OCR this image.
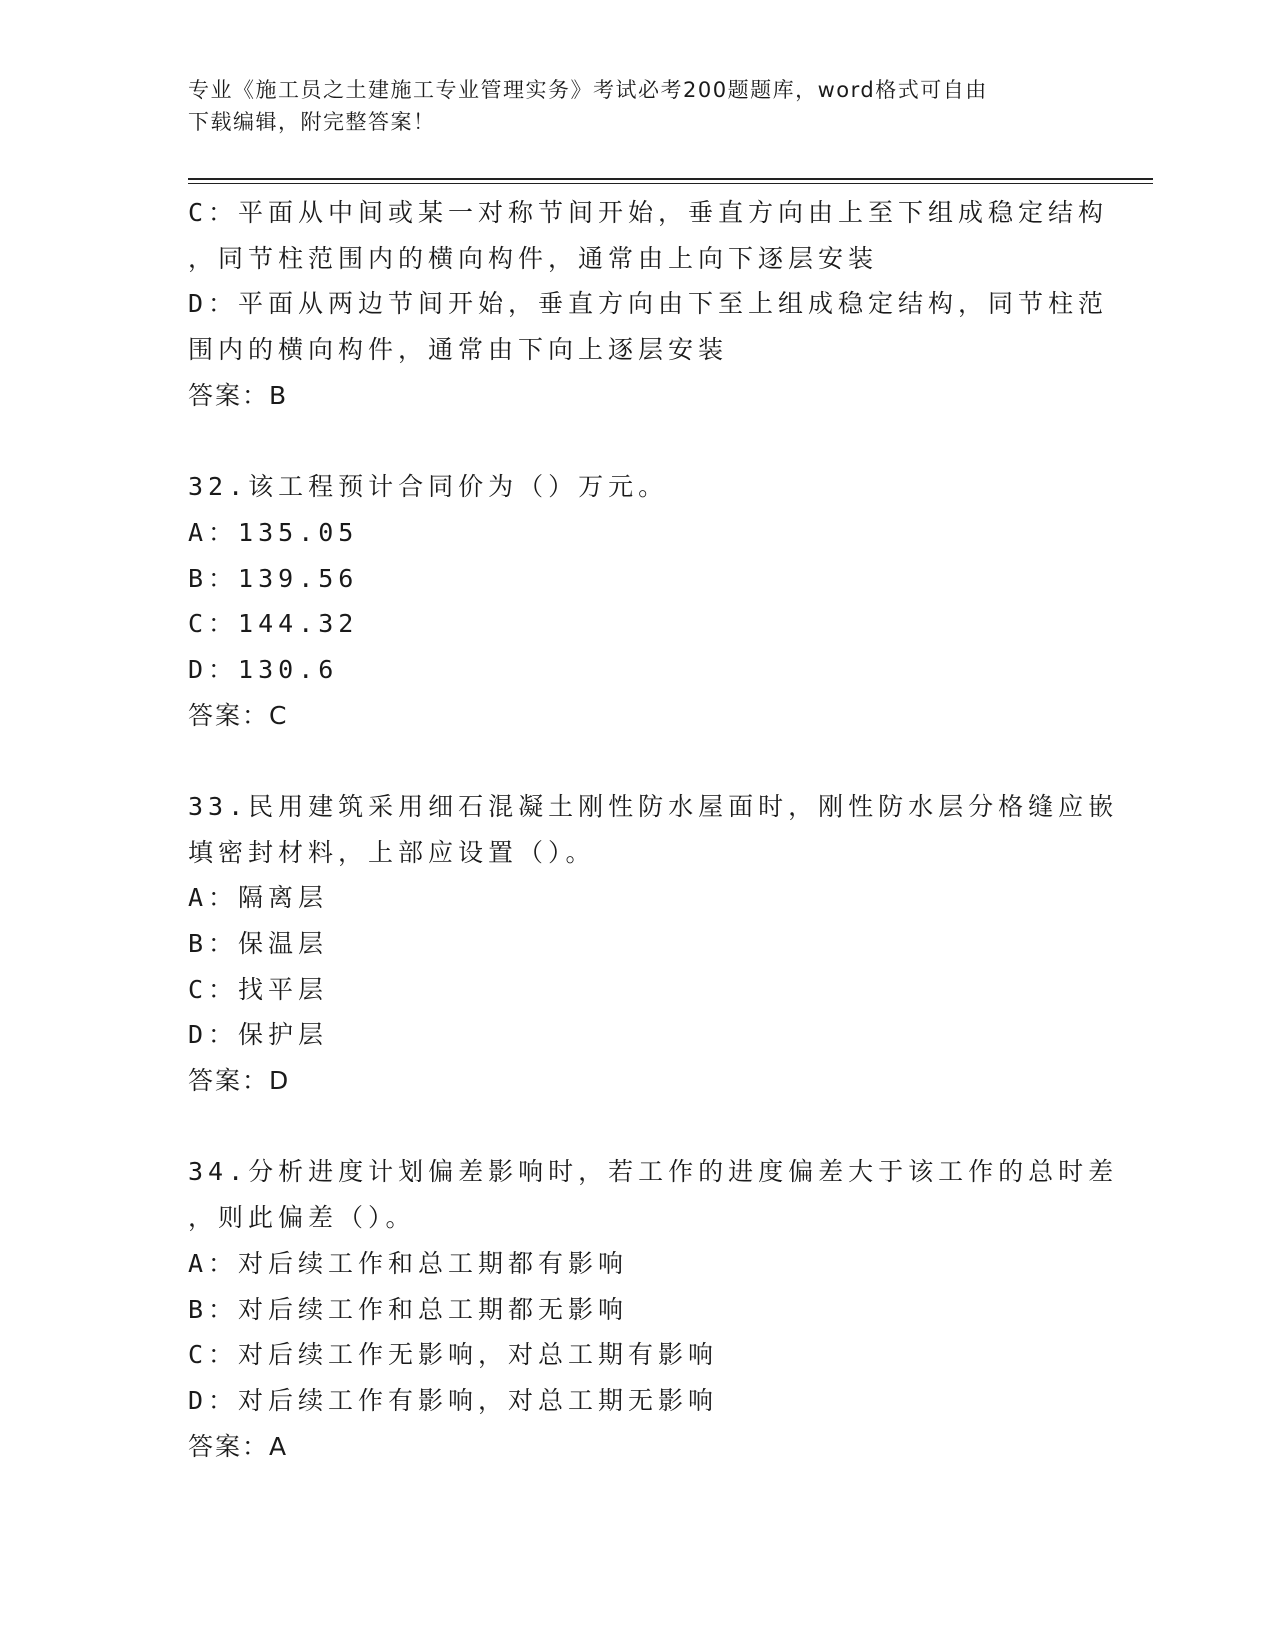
专业《施工员之土建施工专业管理实务》考试必考200题题库，word格式可自由
下载编辑，附完整答案！
C：平面从中间或某一对称节间开始，垂直方向由上至下组成稳定结构
，同节柱范围内的横向构件，通常由上向下逐层安装
D：平面从两边节间开始，垂直方向由下至上组成稳定结构，同节柱范
围内的横向构件，通常由下向上逐层安装
答案：B
32.该工程预计合同价为（）万元。
A：135.05
B：139.56
C：144.32
D：130.6
答案：C
33.民用建筑采用细石混凝土刚性防水屋面时，刚性防水层分格缝应嵌
填密封材料，上部应设置（）。
A：隔离层
B：保温层
C：找平层
D：保护层
答案：D
34.分析进度计划偏差影响时，若工作的进度偏差大于该工作的总时差
，则此偏差（）。
A：对后续工作和总工期都有影响
B：对后续工作和总工期都无影响
C：对后续工作无影响，对总工期有影响
D：对后续工作有影响，对总工期无影响
答案：A
